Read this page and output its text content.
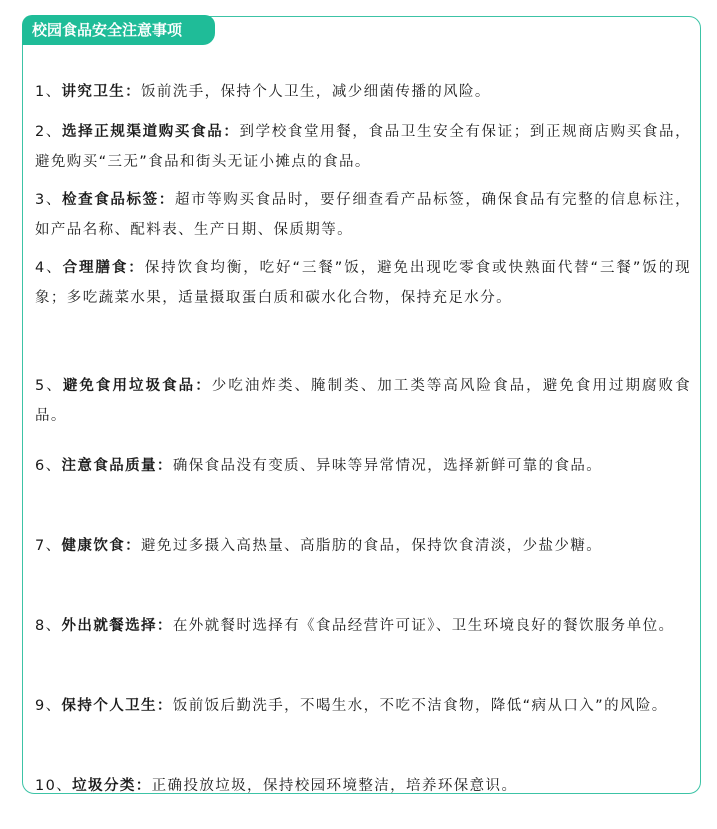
校园食品安全注意事项
1、讲究卫生：饭前洗手，保持个人卫生，减少细菌传播的风险。
2、选择正规渠道购买食品：到学校食堂用餐，食品卫生安全有保证；到正规商店购买食品，避免购买“三无”食品和街头无证小摊点的食品。
3、检查食品标签：超市等购买食品时，要仔细查看产品标签，确保食品有完整的信息标注，如产品名称、配料表、生产日期、保质期等。
4、合理膳食：保持饮食均衡，吃好“三餐”饭，避免出现吃零食或快熟面代替“三餐”饭的现象；多吃蔬菜水果，适量摄取蛋白质和碳水化合物，保持充足水分。
5、避免食用垃圾食品：少吃油炸类、腌制类、加工类等高风险食品，避免食用过期腐败食品。
6、注意食品质量：确保食品没有变质、异味等异常情况，选择新鲜可靠的食品。
7、健康饮食：避免过多摄入高热量、高脂肪的食品，保持饮食清淡，少盐少糖。
8、外出就餐选择：在外就餐时选择有《食品经营许可证》、卫生环境良好的餐饮服务单位。
9、保持个人卫生：饭前饭后勤洗手，不喝生水，不吃不洁食物，降低“病从口入”的风险。
10、垃圾分类：正确投放垃圾，保持校园环境整洁，培养环保意识。
